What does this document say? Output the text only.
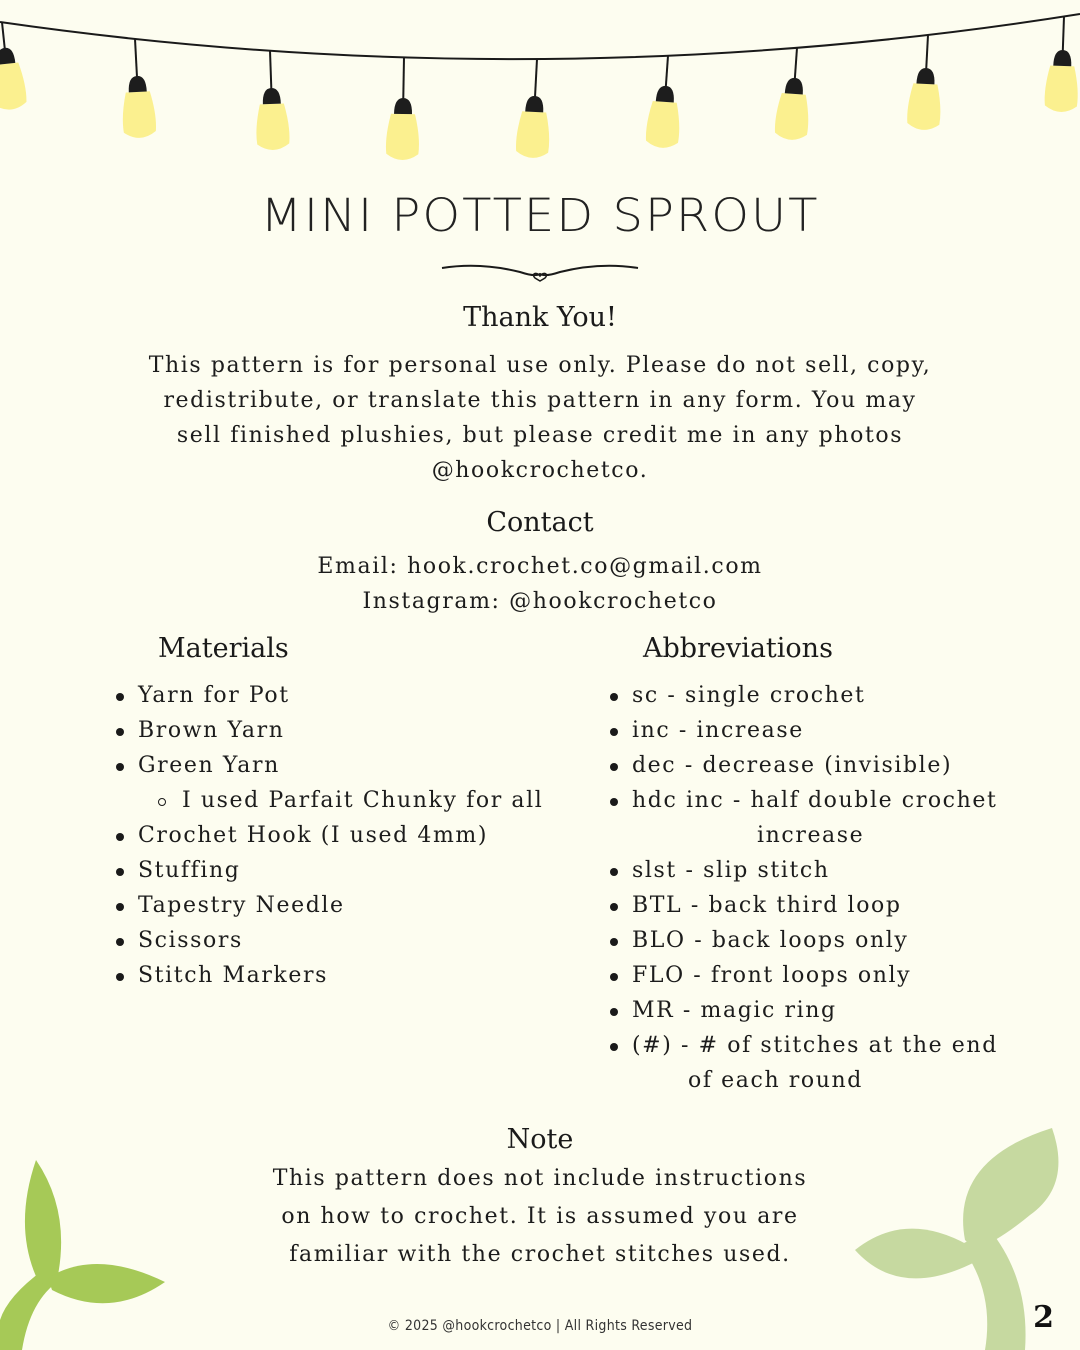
MINI POTTED SPROUT
Thank You!
This pattern is for personal use only. Please do not sell, copy,
redistribute, or translate this pattern in any form. You may
sell finished plushies, but please credit me in any photos
@hookcrochetco.
Contact
Email: hook.crochet.co@gmail.com
Instagram: @hookcrochetco
Materials
Yarn for Pot
Brown Yarn
Green Yarn
I used Parfait Chunky for all
Crochet Hook (I used 4mm)
Stuffing
Tapestry Needle
Scissors
Stitch Markers
Abbreviations
sc - single crochet
inc - increase
dec - decrease (invisible)
hdc inc - half double crochet
increase
slst - slip stitch
BTL - back third loop
BLO - back loops only
FLO - front loops only
MR - magic ring
(#) - # of stitches at the end
of each round
Note
This pattern does not include instructions
on how to crochet. It is assumed you are
familiar with the crochet stitches used.
© 2025 @hookcrochetco | All Rights Reserved	2
